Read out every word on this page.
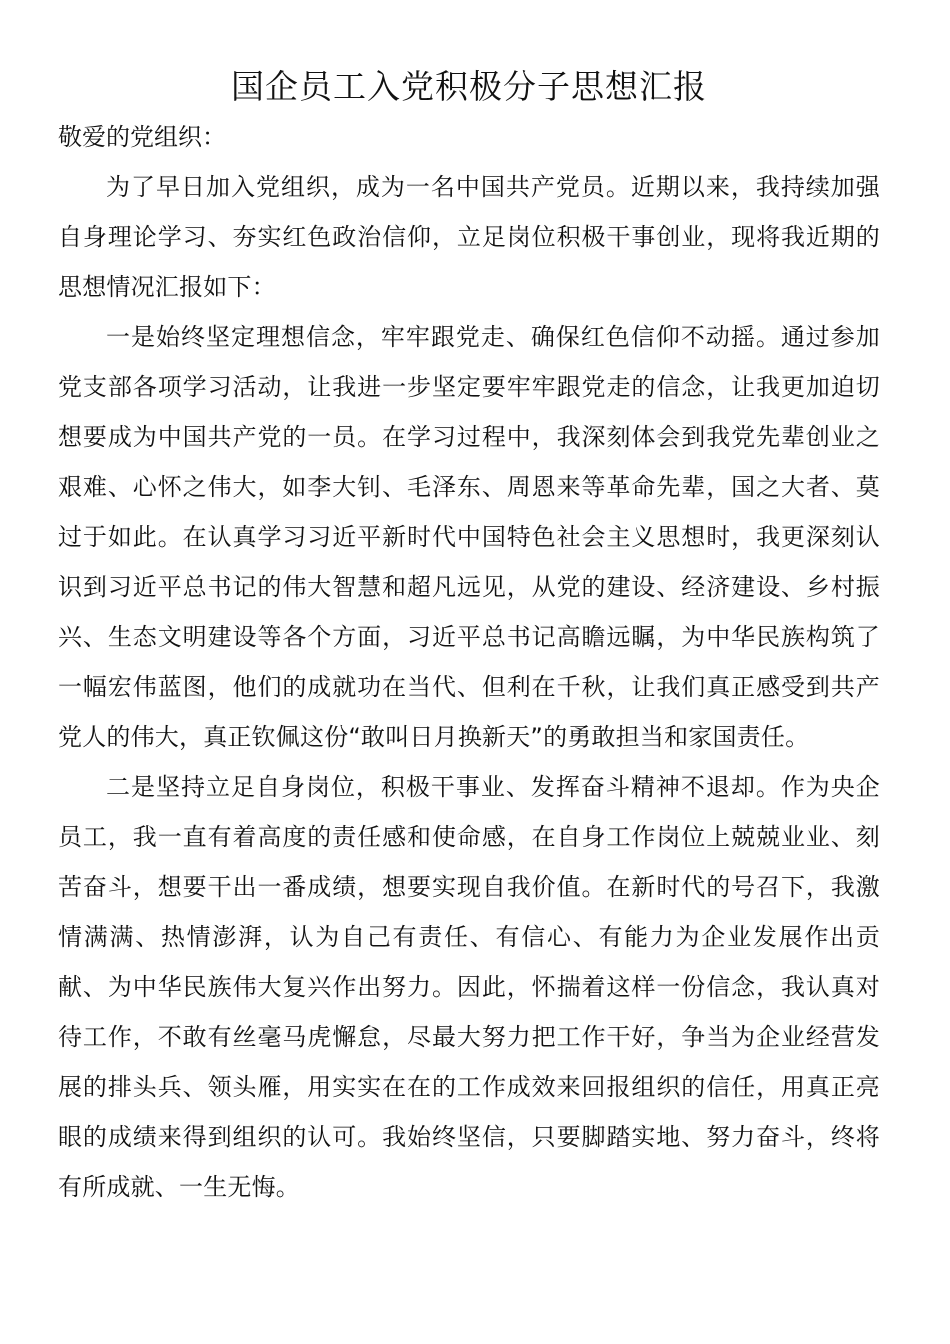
国企员工入党积极分子思想汇报

敬爱的党组织：

为了早日加入党组织，成为一名中国共产党员。近期以来，我持续加强自身理论学习、夯实红色政治信仰，立足岗位积极干事创业，现将我近期的思想情况汇报如下：

一是始终坚定理想信念，牢牢跟党走、确保红色信仰不动摇。通过参加党支部各项学习活动，让我进一步坚定要牢牢跟党走的信念，让我更加迫切想要成为中国共产党的一员。在学习过程中，我深刻体会到我党先辈创业之艰难、心怀之伟大，如李大钊、毛泽东、周恩来等革命先辈，国之大者、莫过于如此。在认真学习习近平新时代中国特色社会主义思想时，我更深刻认识到习近平总书记的伟大智慧和超凡远见，从党的建设、经济建设、乡村振兴、生态文明建设等各个方面，习近平总书记高瞻远瞩，为中华民族构筑了一幅宏伟蓝图，他们的成就功在当代、但利在千秋，让我们真正感受到共产党人的伟大，真正钦佩这份“敢叫日月换新天”的勇敢担当和家国责任。

二是坚持立足自身岗位，积极干事业、发挥奋斗精神不退却。作为央企员工，我一直有着高度的责任感和使命感，在自身工作岗位上兢兢业业、刻苦奋斗，想要干出一番成绩，想要实现自我价值。在新时代的号召下，我激情满满、热情澎湃，认为自己有责任、有信心、有能力为企业发展作出贡献、为中华民族伟大复兴作出努力。因此，怀揣着这样一份信念，我认真对待工作，不敢有丝毫马虎懈怠，尽最大努力把工作干好，争当为企业经营发展的排头兵、领头雁，用实实在在的工作成效来回报组织的信任，用真正亮眼的成绩来得到组织的认可。我始终坚信，只要脚踏实地、努力奋斗，终将有所成就、一生无悔。
